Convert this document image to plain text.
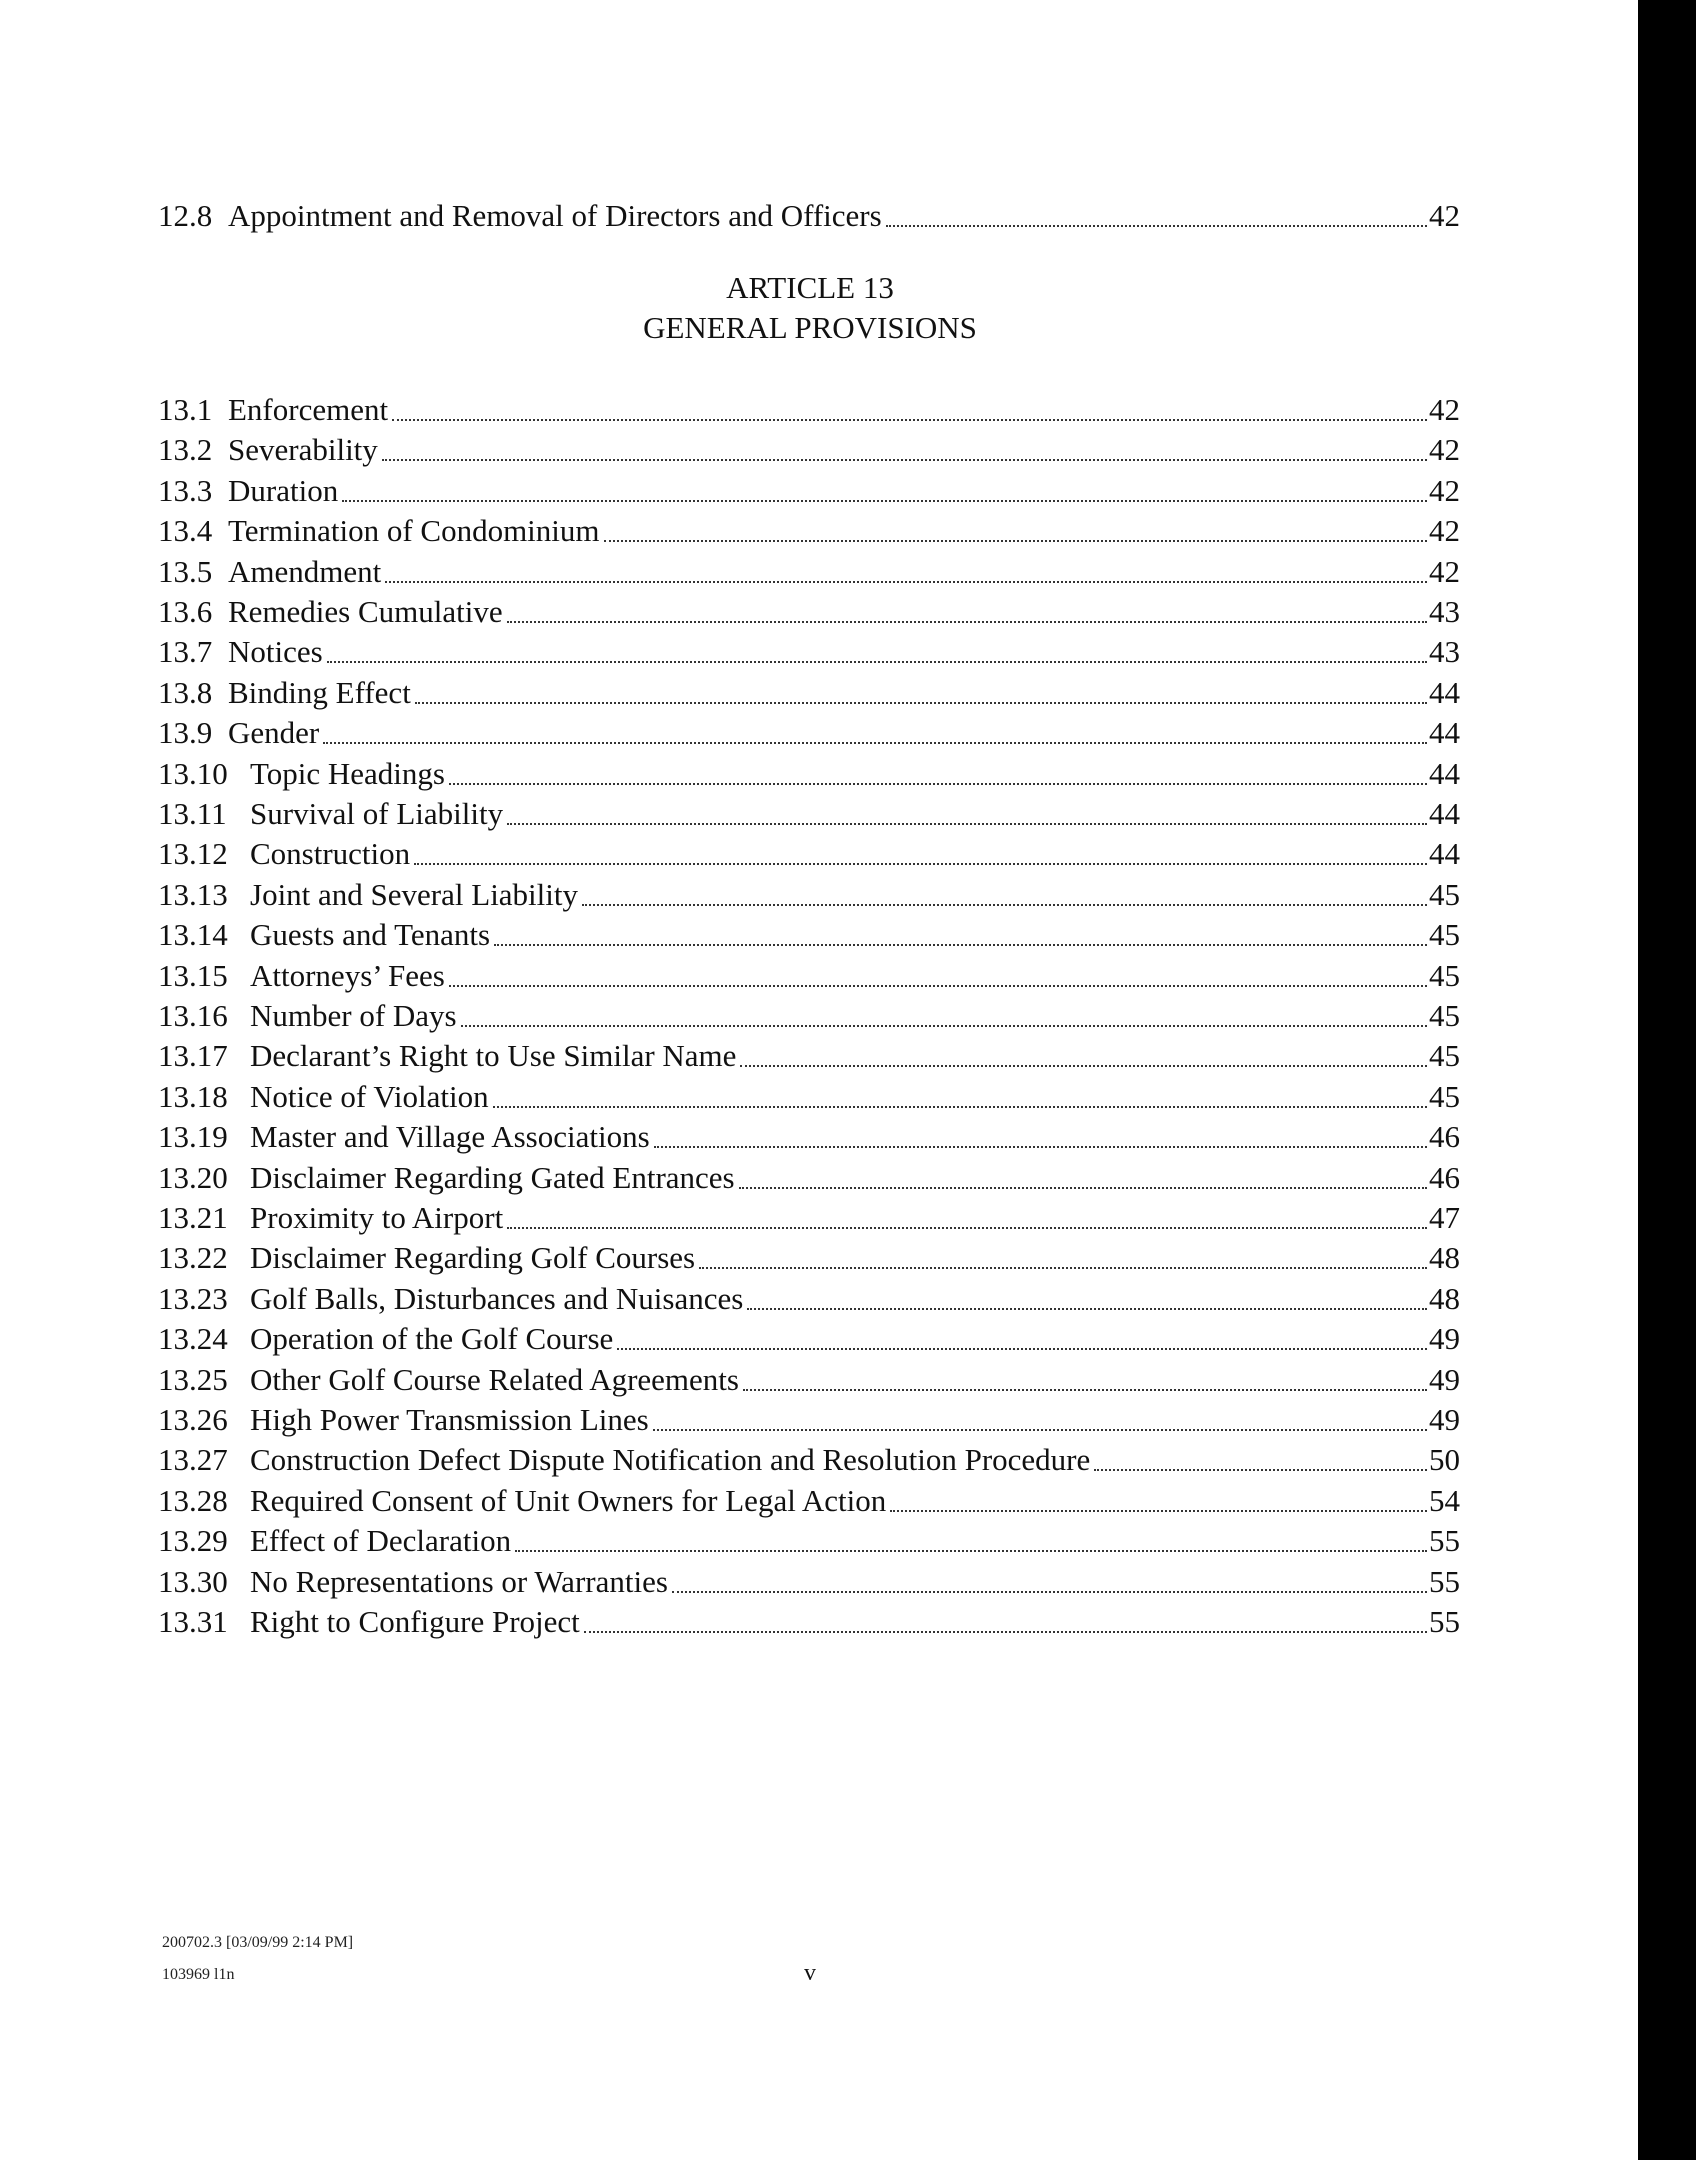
12.8 Appointment and Removal of Directors and Officers	42
ARTICLE 13
GENERAL PROVISIONS
13.1 Enforcement	42
13.2 Severability	42
13.3 Duration	42
13.4 Termination of Condominium	42
13.5 Amendment	42
13.6 Remedies Cumulative	43
13.7 Notices	43
13.8 Binding Effect	44
13.9 Gender	44
13.10 Topic Headings	44
13.11 Survival of Liability	44
13.12 Construction	44
13.13 Joint and Several Liability	45
13.14 Guests and Tenants	45
13.15 Attorneys’ Fees	45
13.16 Number of Days	45
13.17 Declarant’s Right to Use Similar Name	45
13.18 Notice of Violation	45
13.19 Master and Village Associations	46
13.20 Disclaimer Regarding Gated Entrances	46
13.21 Proximity to Airport	47
13.22 Disclaimer Regarding Golf Courses	48
13.23 Golf Balls, Disturbances and Nuisances	48
13.24 Operation of the Golf Course	49
13.25 Other Golf Course Related Agreements	49
13.26 High Power Transmission Lines	49
13.27 Construction Defect Dispute Notification and Resolution Procedure	50
13.28 Required Consent of Unit Owners for Legal Action	54
13.29 Effect of Declaration	55
13.30 No Representations or Warranties	55
13.31 Right to Configure Project	55
200702.3 [03/09/99 2:14 PM]
103969 l1n	v
